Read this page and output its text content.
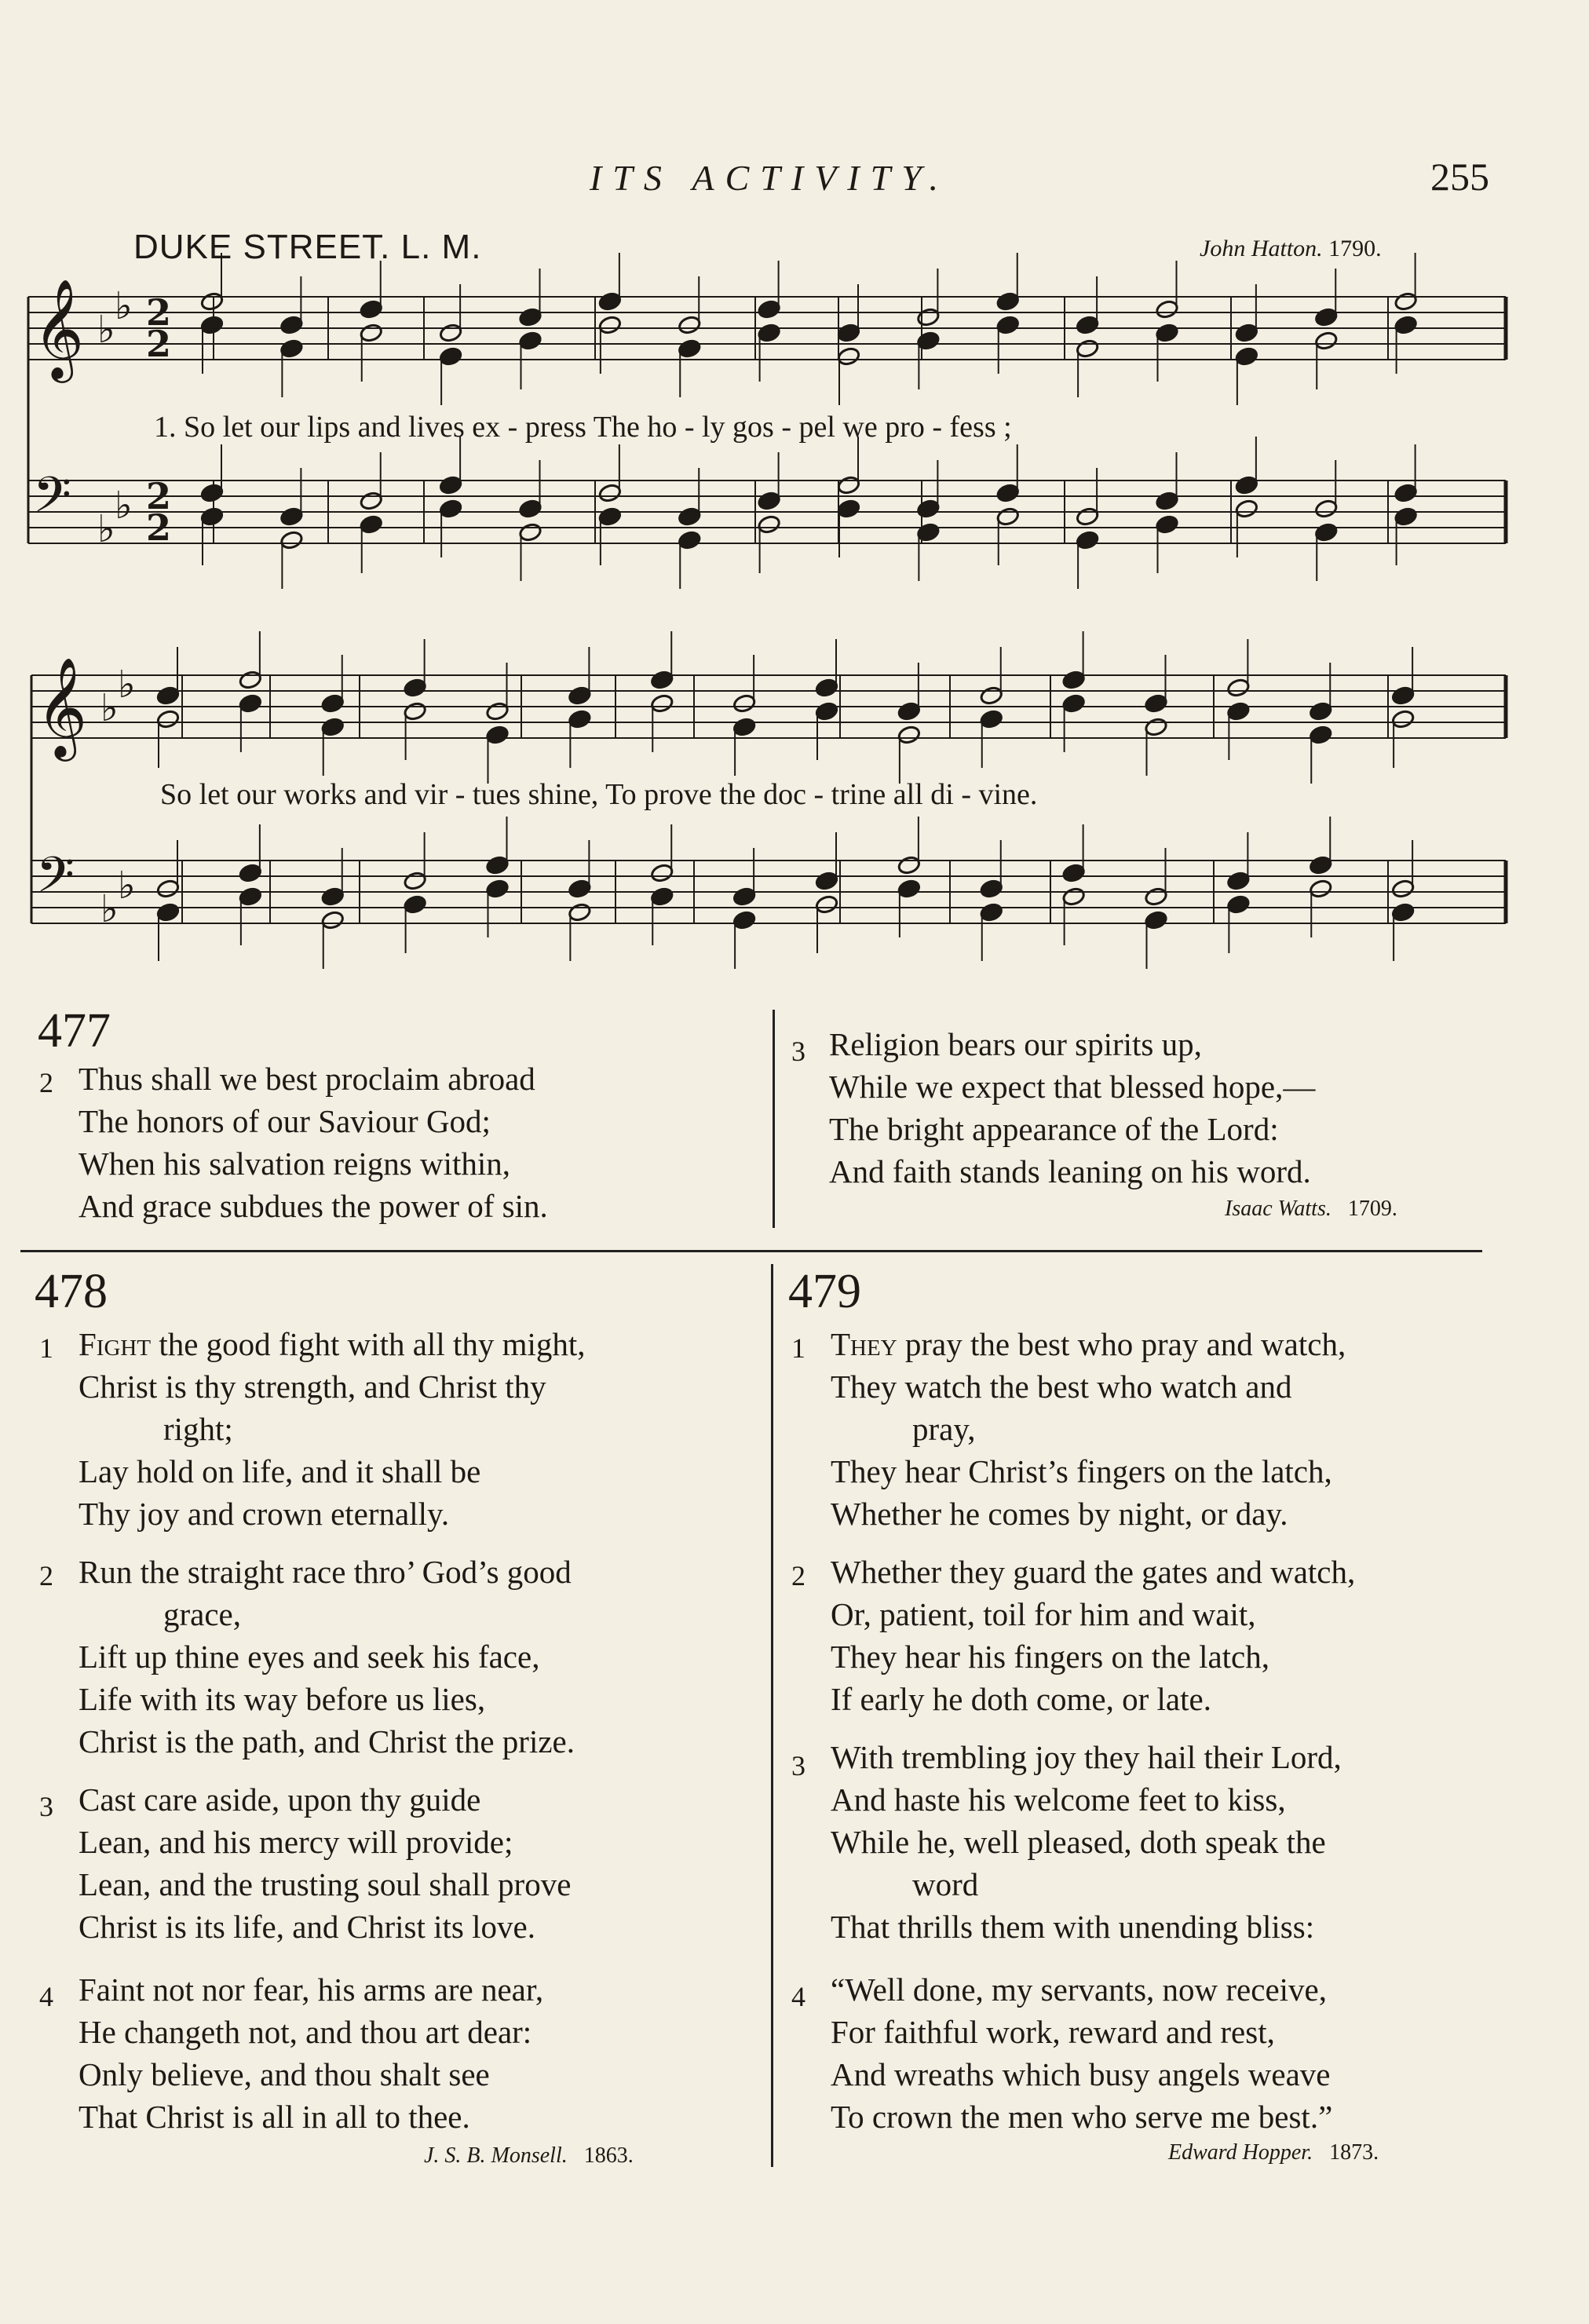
ITS ACTIVITY.	255
DUKE STREET. L. M.	John Hatton. 1790.
𝄞 ♭
♭ 2
2
𝄢 ♭
♭ 2
2
𝄞 ♭
♭
𝄢 ♭
♭
1. So let our lips and lives ex - press The ho - ly gos - pel we pro - fess ;
So let our works and vir - tues shine, To prove the doc - trine all di - vine.
477
2 Thus shall we best proclaim abroad
The honors of our Saviour God;
When his salvation reigns within,
And grace subdues the power of sin.
3 Religion bears our spirits up,
While we expect that blessed hope,—
The bright appearance of the Lord:
And faith stands leaning on his word.
Isaac Watts. 1709.
478
1 Fight the good fight with all thy might,
Christ is thy strength, and Christ thy
right;
Lay hold on life, and it shall be
Thy joy and crown eternally.
2 Run the straight race thro’ God’s good
grace,
Lift up thine eyes and seek his face,
Life with its way before us lies,
Christ is the path, and Christ the prize.
3 Cast care aside, upon thy guide
Lean, and his mercy will provide;
Lean, and the trusting soul shall prove
Christ is its life, and Christ its love.
4 Faint not nor fear, his arms are near,
He changeth not, and thou art dear:
Only believe, and thou shalt see
That Christ is all in all to thee.
J. S. B. Monsell. 1863.
479
1 They pray the best who pray and watch,
They watch the best who watch and
pray,
They hear Christ’s fingers on the latch,
Whether he comes by night, or day.
2 Whether they guard the gates and watch,
Or, patient, toil for him and wait,
They hear his fingers on the latch,
If early he doth come, or late.
3 With trembling joy they hail their Lord,
And haste his welcome feet to kiss,
While he, well pleased, doth speak the
word
That thrills them with unending bliss:
4 “Well done, my servants, now receive,
For faithful work, reward and rest,
And wreaths which busy angels weave
To crown the men who serve me best.”
Edward Hopper. 1873.
